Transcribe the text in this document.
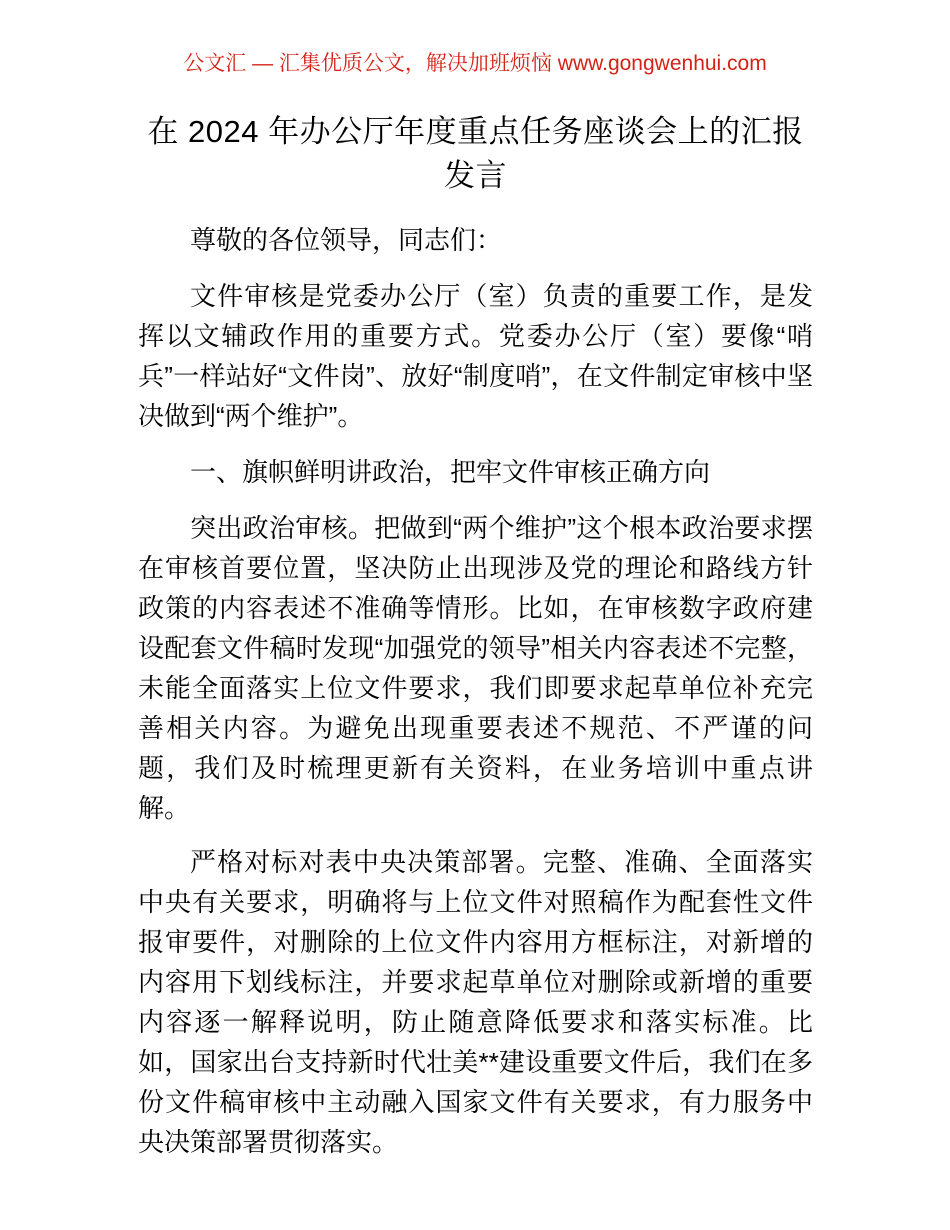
公文汇 — 汇集优质公文，解决加班烦恼 www.gongwenhui.com
在 2024 年办公厅年度重点任务座谈会上的汇报发言

尊敬的各位领导，同志们：

文件审核是党委办公厅（室）负责的重要工作，是发挥以文辅政作用的重要方式。党委办公厅（室）要像“哨兵”一样站好“文件岗”、放好“制度哨”，在文件制定审核中坚决做到“两个维护”。

一、旗帜鲜明讲政治，把牢文件审核正确方向

突出政治审核。把做到“两个维护”这个根本政治要求摆在审核首要位置，坚决防止出现涉及党的理论和路线方针政策的内容表述不准确等情形。比如，在审核数字政府建设配套文件稿时发现“加强党的领导”相关内容表述不完整，未能全面落实上位文件要求，我们即要求起草单位补充完善相关内容。为避免出现重要表述不规范、不严谨的问题，我们及时梳理更新有关资料，在业务培训中重点讲解。

严格对标对表中央决策部署。完整、准确、全面落实中央有关要求，明确将与上位文件对照稿作为配套性文件报审要件，对删除的上位文件内容用方框标注，对新增的内容用下划线标注，并要求起草单位对删除或新增的重要内容逐一解释说明，防止随意降低要求和落实标准。比如，国家出台支持新时代壮美**建设重要文件后，我们在多份文件稿审核中主动融入国家文件有关要求，有力服务中央决策部署贯彻落实。
